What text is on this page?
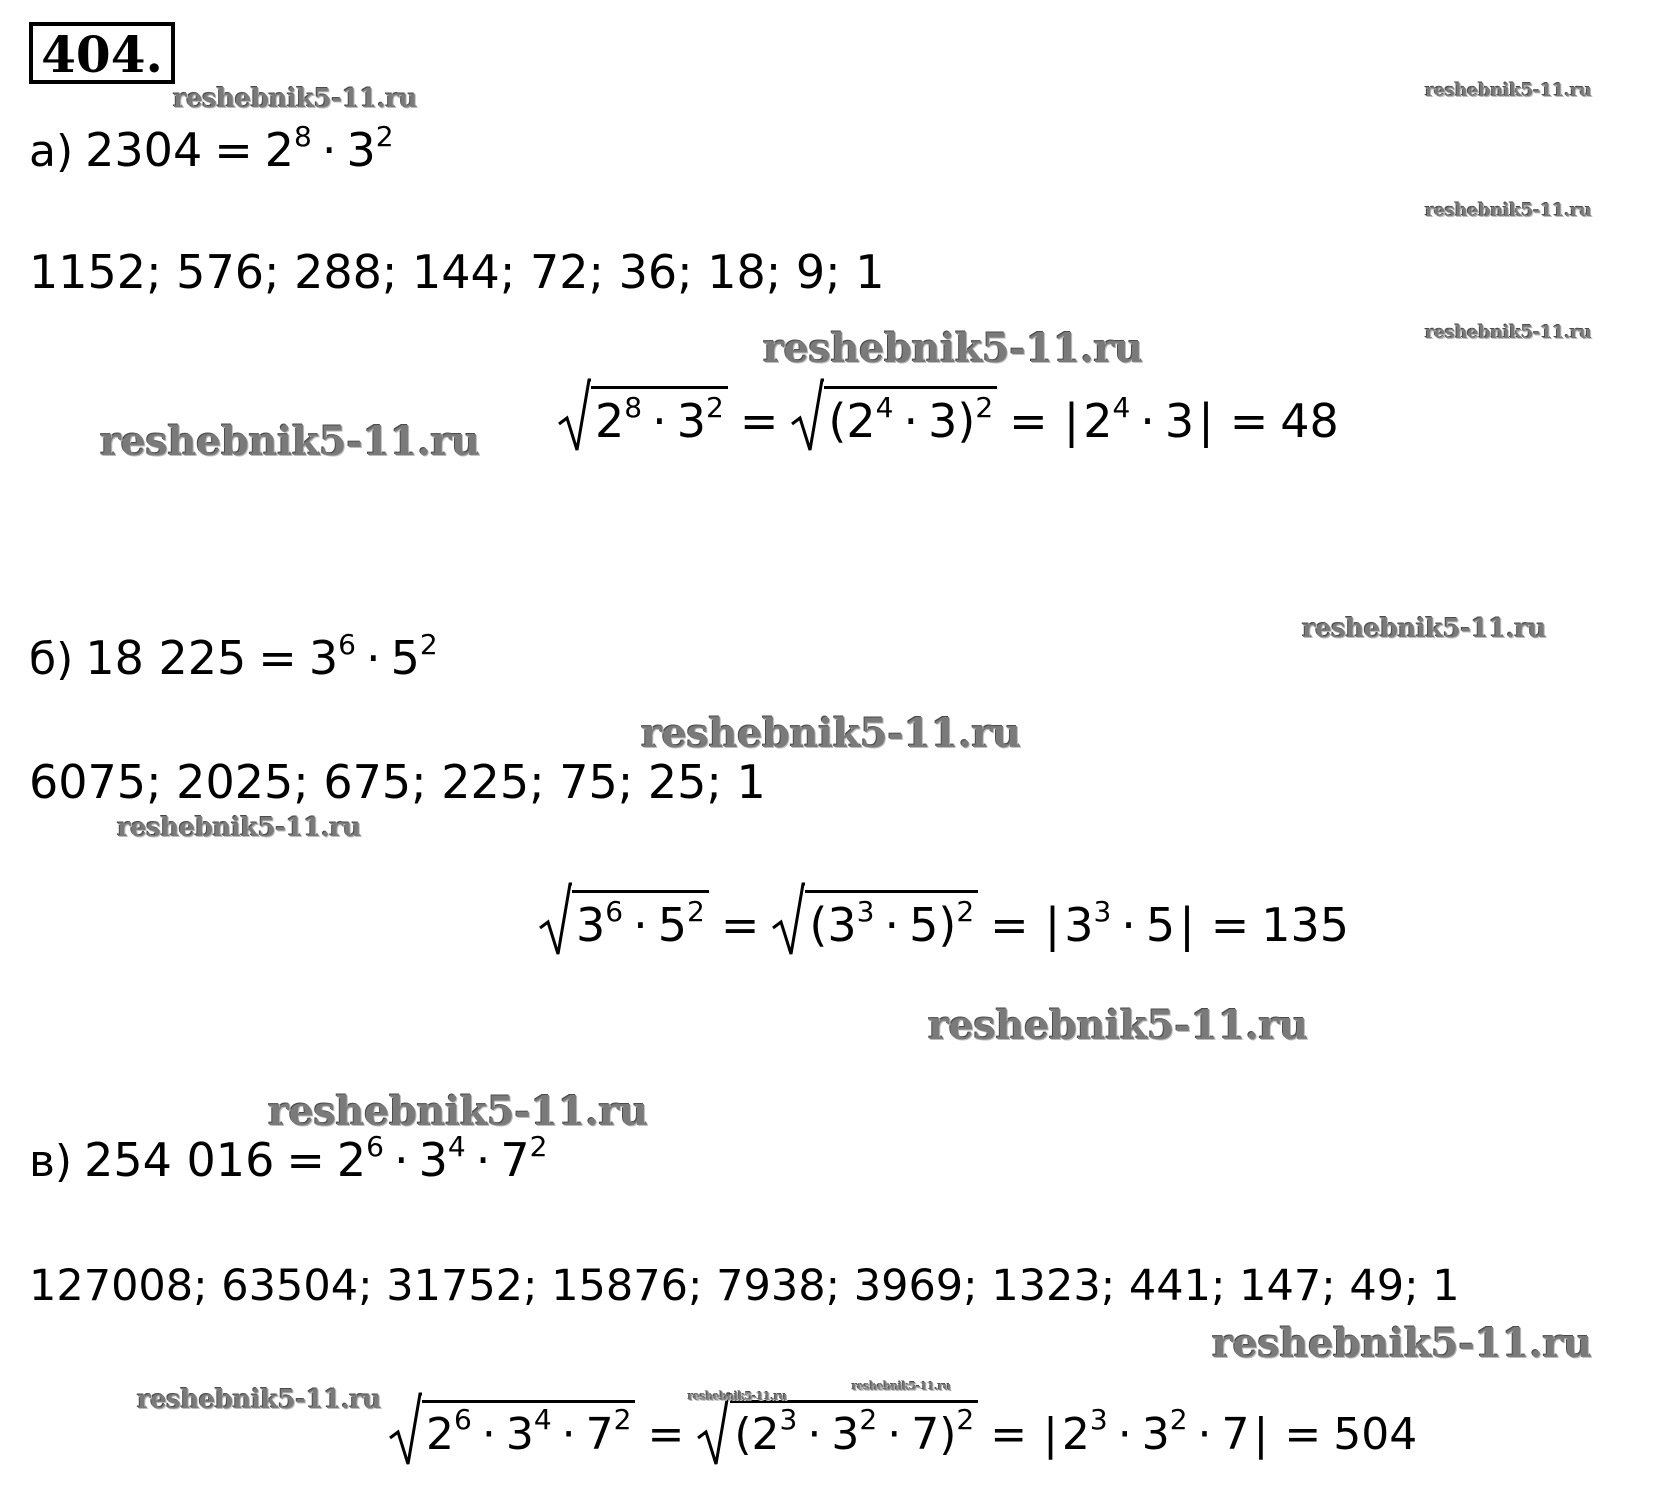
404.
а) $2304 = 2^8 \cdot 3^2$
1152; 576; 288; 144; 72; 36; 18; 9; 1
$2^8 \cdot 3^2 = (2^4 \cdot 3)^2 = |2^4 \cdot 3| = 48$
б) 18 $225 = 3^6 \cdot 5^2$
6075; 2025; 675; 225; 75; 25; 1
$3^6 \cdot 5^2 = (3^3 \cdot 5)^2 = |3^3 \cdot 5| = 135$
в) 254 $016 = 2^6 \cdot 3^4 \cdot 7^2$
127008; 63504; 31752; 15876; 7938; 3969; 1323; 441; 147; 49; 1
$2^6 \cdot 3^4 \cdot 7^2 = (2^3 \cdot 3^2 \cdot 7)^2 = |2^3 \cdot 3^2 \cdot 7| = 504$
reshebnik5-11.ru	reshebnik5-11.ru
reshebnik5-11.ru
reshebnik5-11.ru
reshebnik5-11.ru
reshebnik5-11.ru
reshebnik5-11.ru
reshebnik5-11.ru
reshebnik5-11.ru
reshebnik5-11.ru
reshebnik5-11.ru
reshebnik5-11.ru
reshebnik5-11.ru	reshebnik5-11.ru
reshebnik5-11.ru
